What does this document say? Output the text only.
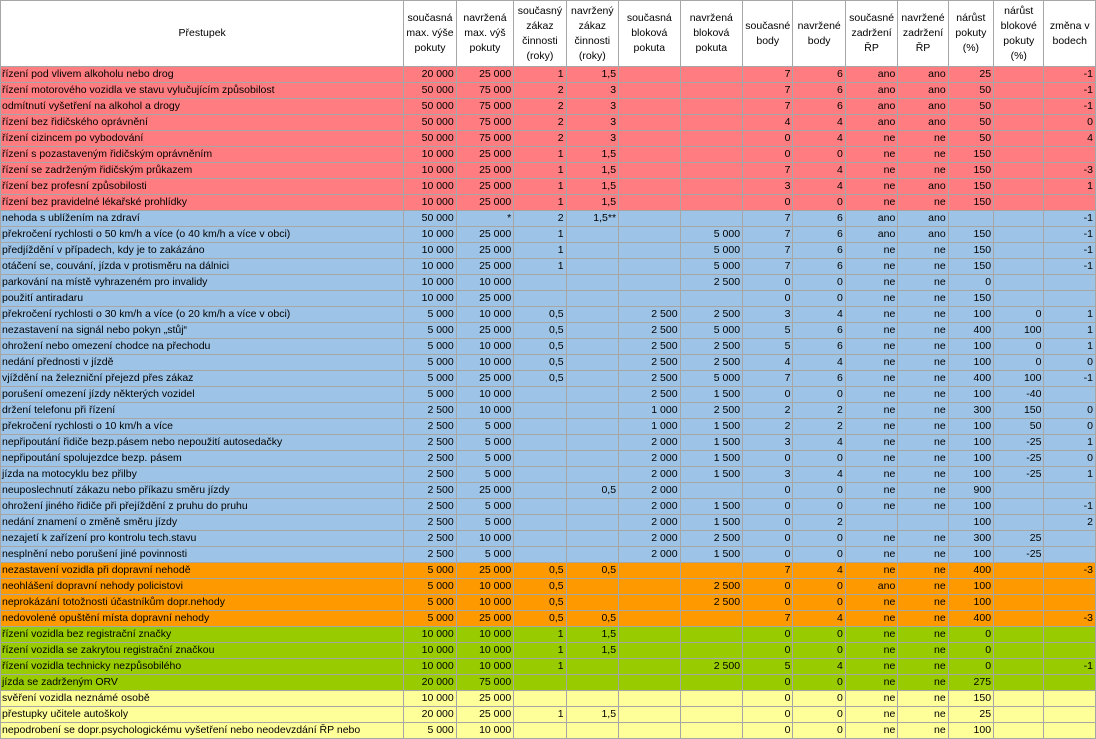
Přestupek	současná max. výše pokuty	navržená max. výš pokuty	současný zákaz činnosti (roky)	navržený zákaz činnosti (roky)	současná bloková pokuta	navržená bloková pokuta	současné body	navržené body	současné zadržení ŘP	navržené zadržení ŘP	nárůst pokuty (%)	nárůst blokové pokuty (%)	změna v bodech
řízení pod vlivem alkoholu nebo drog	20 000	25 000	1	1,5			7	6	ano	ano	25		-1
řízení motorového vozidla ve stavu vylučujícím způsobilost	50 000	75 000	2	3			7	6	ano	ano	50		-1
odmítnutí vyšetření na alkohol a drogy	50 000	75 000	2	3			7	6	ano	ano	50		-1
řízení bez řidičského oprávnění	50 000	75 000	2	3			4	4	ano	ano	50		0
řízení cizincem po vybodování	50 000	75 000	2	3			0	4	ne	ne	50		4
řízení s pozastaveným řidičským oprávněním	10 000	25 000	1	1,5			0	0	ne	ne	150		
řízení se zadrženým řidičským průkazem	10 000	25 000	1	1,5			7	4	ne	ne	150		-3
řízení bez profesní způsobilosti	10 000	25 000	1	1,5			3	4	ne	ano	150		1
řízení bez pravidelné lékařské prohlídky	10 000	25 000	1	1,5			0	0	ne	ne	150		
nehoda s ublížením na zdraví	50 000	*	2	1,5**			7	6	ano	ano			-1
překročení rychlosti o 50 km/h a více (o 40 km/h a více v obci)	10 000	25 000	1			5 000	7	6	ano	ano	150		-1
předjíždění v případech, kdy je to zakázáno	10 000	25 000	1			5 000	7	6	ne	ne	150		-1
otáčení se, couvání, jízda v protisměru na dálnici	10 000	25 000	1			5 000	7	6	ne	ne	150		-1
parkování na místě vyhrazeném pro invalidy	10 000	10 000				2 500	0	0	ne	ne	0		
použití antiradaru	10 000	25 000					0	0	ne	ne	150		
překročení rychlosti o 30 km/h a více (o 20 km/h a více v obci)	5 000	10 000	0,5		2 500	2 500	3	4	ne	ne	100	0	1
nezastavení na signál nebo pokyn „stůj“	5 000	25 000	0,5		2 500	5 000	5	6	ne	ne	400	100	1
ohrožení nebo omezení chodce na přechodu	5 000	10 000	0,5		2 500	2 500	5	6	ne	ne	100	0	1
nedání přednosti v jízdě	5 000	10 000	0,5		2 500	2 500	4	4	ne	ne	100	0	0
vjíždění na železniční přejezd přes zákaz	5 000	25 000	0,5		2 500	5 000	7	6	ne	ne	400	100	-1
porušení omezení jízdy některých vozidel	5 000	10 000			2 500	1 500	0	0	ne	ne	100	-40	
držení telefonu při řízení	2 500	10 000			1 000	2 500	2	2	ne	ne	300	150	0
překročení rychlosti o 10 km/h a více	2 500	5 000			1 000	1 500	2	2	ne	ne	100	50	0
nepřipoutání řidiče bezp.pásem nebo nepoužití autosedačky	2 500	5 000			2 000	1 500	3	4	ne	ne	100	-25	1
nepřipoutání spolujezdce bezp. pásem	2 500	5 000			2 000	1 500	0	0	ne	ne	100	-25	0
jízda na motocyklu bez přilby	2 500	5 000			2 000	1 500	3	4	ne	ne	100	-25	1
neuposlechnutí zákazu nebo příkazu směru jízdy	2 500	25 000		0,5	2 000		0	0	ne	ne	900		
ohrožení jiného řidiče při přejíždění z pruhu do pruhu	2 500	5 000			2 000	1 500	0	0	ne	ne	100		-1
nedání znamení o změně směru jízdy	2 500	5 000			2 000	1 500	0	2			100		2
nezajetí k zařízení pro kontrolu tech.stavu	2 500	10 000			2 000	2 500	0	0	ne	ne	300	25	
nesplnění nebo porušení jiné povinnosti	2 500	5 000			2 000	1 500	0	0	ne	ne	100	-25	
nezastavení vozidla při dopravní nehodě	5 000	25 000	0,5	0,5			7	4	ne	ne	400		-3
neohlášení dopravní nehody policistovi	5 000	10 000	0,5			2 500	0	0	ano	ne	100		
neprokázání totožnosti účastníkům dopr.nehody	5 000	10 000	0,5			2 500	0	0	ne	ne	100		
nedovolené opuštění místa dopravní nehody	5 000	25 000	0,5	0,5			7	4	ne	ne	400		-3
řízení vozidla bez registrační značky	10 000	10 000	1	1,5			0	0	ne	ne	0		
řízení vozidla se zakrytou registrační značkou	10 000	10 000	1	1,5			0	0	ne	ne	0		
řízení vozidla technicky nezpůsobilého	10 000	10 000	1			2 500	5	4	ne	ne	0		-1
jízda se zadrženým ORV	20 000	75 000					0	0	ne	ne	275		
svěření vozidla neznámé osobě	10 000	25 000					0	0	ne	ne	150		
přestupky učitele autoškoly	20 000	25 000	1	1,5			0	0	ne	ne	25		
nepodrobení se dopr.psychologickému vyšetření nebo neodevzdání ŘP nebo	5 000	10 000					0	0	ne	ne	100		
